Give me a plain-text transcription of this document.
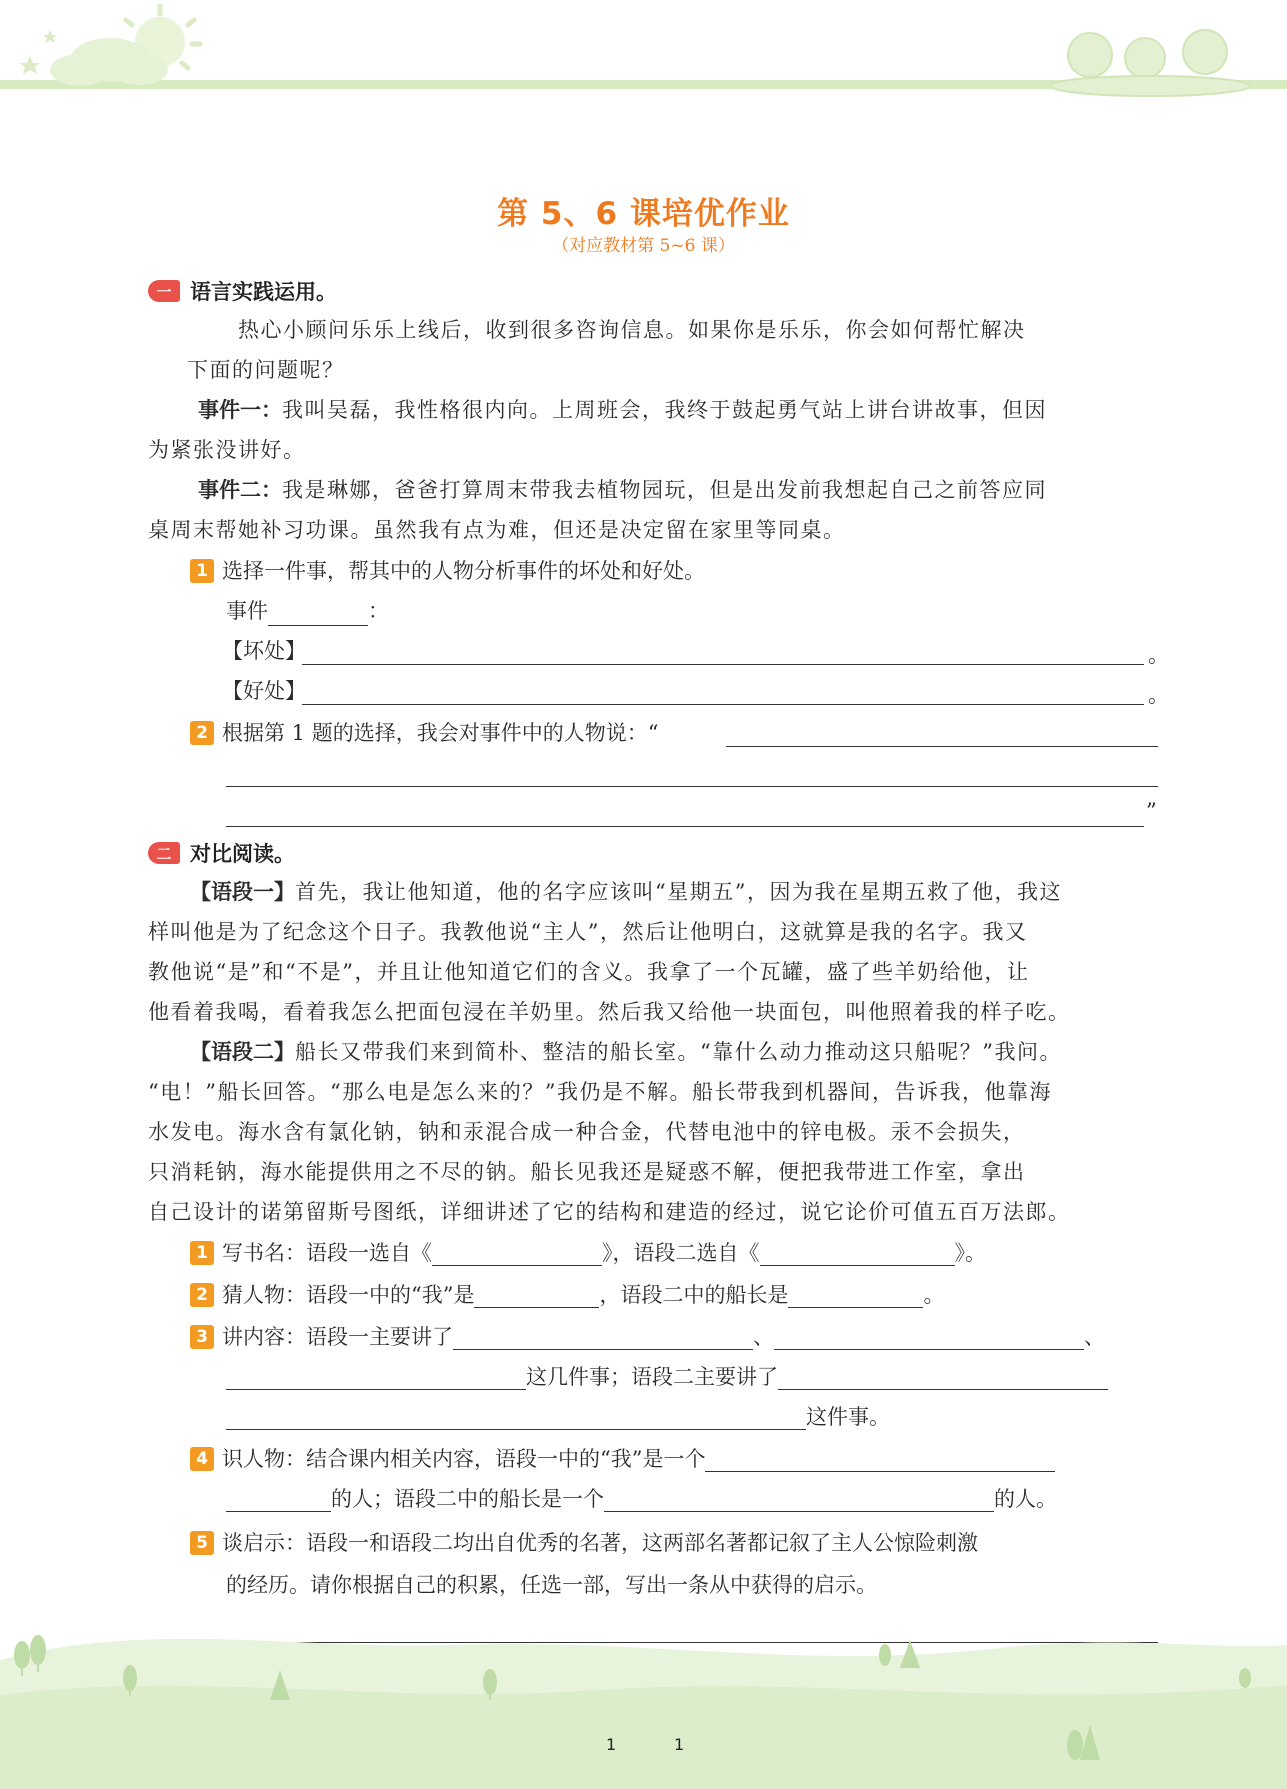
第 5、6 课培优作业
（对应教材第 5~6 课）
一 语言实践运用。
热心小顾问乐乐上线后，收到很多咨询信息。如果你是乐乐，你会如何帮忙解决
下面的问题呢？
事件一：我叫吴磊，我性格很内向。上周班会，我终于鼓起勇气站上讲台讲故事，但因
为紧张没讲好。
事件二：我是琳娜，爸爸打算周末带我去植物园玩，但是出发前我想起自己之前答应同
桌周末帮她补习功课。虽然我有点为难，但还是决定留在家里等同桌。
1 选择一件事，帮其中的人物分析事件的坏处和好处。
事件	：
【坏处】	。
【好处】	。
2 根据第 1 题的选择，我会对事件中的人物说：“
”
二 对比阅读。
【语段一】首先，我让他知道，他的名字应该叫“星期五”，因为我在星期五救了他，我这
样叫他是为了纪念这个日子。我教他说“主人”，然后让他明白，这就算是我的名字。我又
教他说“是”和“不是”，并且让他知道它们的含义。我拿了一个瓦罐，盛了些羊奶给他，让
他看着我喝，看着我怎么把面包浸在羊奶里。然后我又给他一块面包，叫他照着我的样子吃。
【语段二】船长又带我们来到简朴、整洁的船长室。“靠什么动力推动这只船呢？”我问。
“电！”船长回答。“那么电是怎么来的？”我仍是不解。船长带我到机器间，告诉我，他靠海
水发电。海水含有氯化钠，钠和汞混合成一种合金，代替电池中的锌电极。汞不会损失，
只消耗钠，海水能提供用之不尽的钠。船长见我还是疑惑不解，便把我带进工作室，拿出
自己设计的诺第留斯号图纸，详细讲述了它的结构和建造的经过，说它论价可值五百万法郎。
1 写书名：语段一选自《	》，语段二选自《	》。
2 猜人物：语段一中的“我”是	，语段二中的船长是	。
3 讲内容：语段一主要讲了	、	、
这几件事；语段二主要讲了
这件事。
4 识人物：结合课内相关内容，语段一中的“我”是一个
的人；语段二中的船长是一个	的人。
5 谈启示：语段一和语段二均出自优秀的名著，这两部名著都记叙了主人公惊险刺激
的经历。请你根据自己的积累，任选一部，写出一条从中获得的启示。
1	1
